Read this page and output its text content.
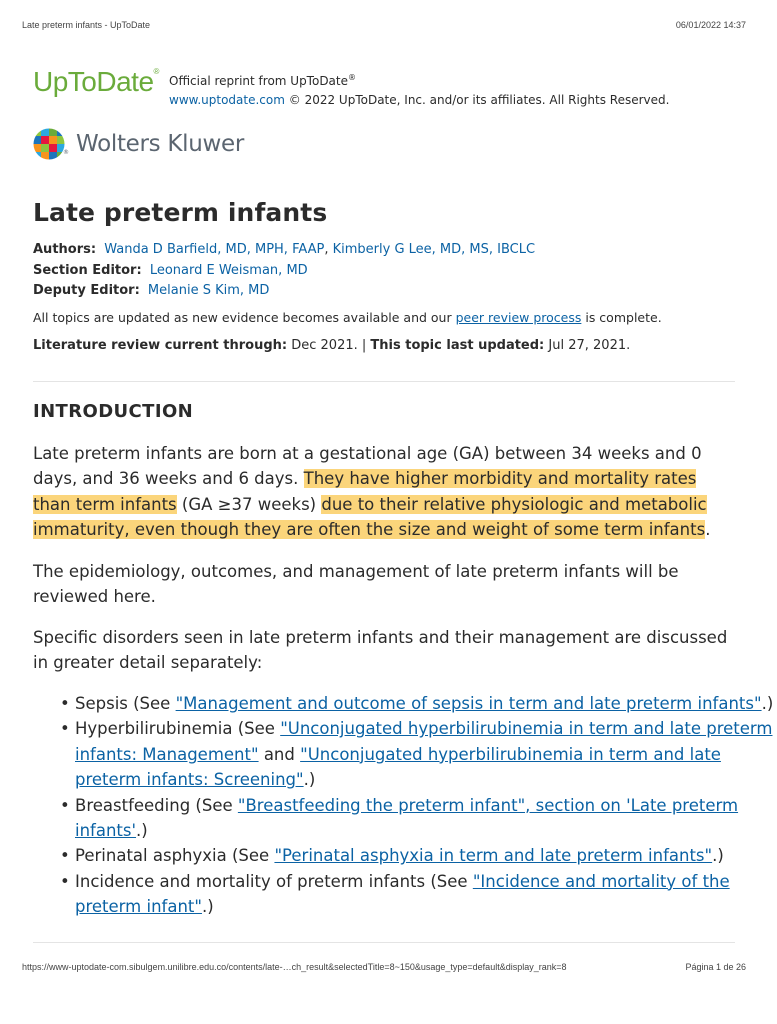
Late preterm infants - UpToDate	06/01/2022 14:37
UpToDate®
Official reprint from UpToDate®
www.uptodate.com © 2022 UpToDate, Inc. and/or its affiliates. All Rights Reserved.
® Wolters Kluwer
Late preterm infants
Authors: Wanda D Barfield, MD, MPH, FAAP, Kimberly G Lee, MD, MS, IBCLC
Section Editor: Leonard E Weisman, MD
Deputy Editor: Melanie S Kim, MD
All topics are updated as new evidence becomes available and our peer review process is complete.
Literature review current through: Dec 2021. | This topic last updated: Jul 27, 2021.
INTRODUCTION

Late preterm infants are born at a gestational age (GA) between 34 weeks and 0 days, and 36 weeks and 6 days. They have higher morbidity and mortality rates than term infants (GA ≥37 weeks) due to their relative physiologic and metabolic immaturity, even though they are often the size and weight of some term infants.

The epidemiology, outcomes, and management of late preterm infants will be reviewed here.

Specific disorders seen in late preterm infants and their management are discussed in greater detail separately:

• Sepsis (See "Management and outcome of sepsis in term and late preterm infants".)
• Hyperbilirubinemia (See "Unconjugated hyperbilirubinemia in term and late preterm infants: Management" and "Unconjugated hyperbilirubinemia in term and late preterm infants: Screening".)
• Breastfeeding (See "Breastfeeding the preterm infant", section on 'Late preterm infants'.)
• Perinatal asphyxia (See "Perinatal asphyxia in term and late preterm infants".)
• Incidence and mortality of preterm infants (See "Incidence and mortality of the preterm infant".)
https://www-uptodate-com.sibulgem.unilibre.edu.co/contents/late-…ch_result&selectedTitle=8~150&usage_type=default&display_rank=8	Página 1 de 26
